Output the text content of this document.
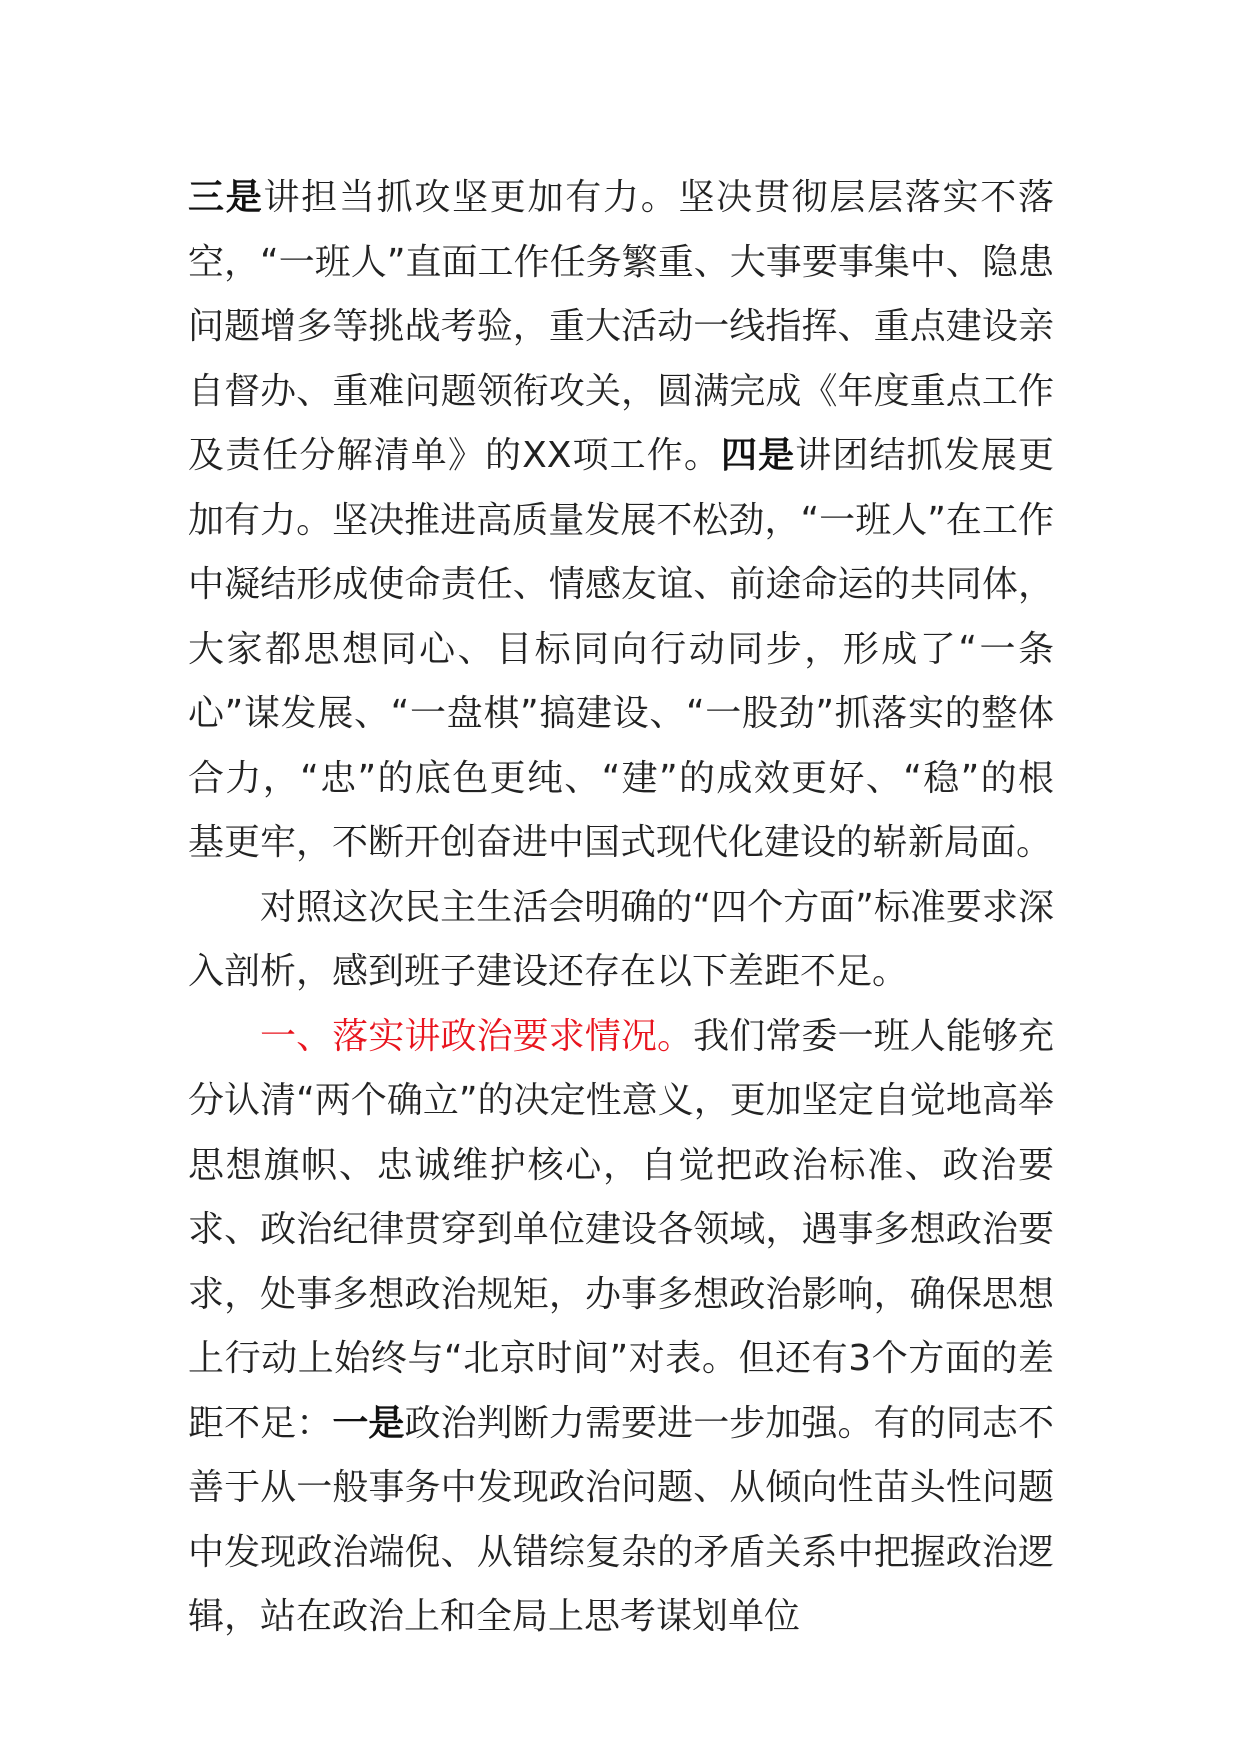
三是讲担当抓攻坚更加有力。坚决贯彻层层落实不落空，“一班人”直面工作任务繁重、大事要事集中、隐患问题增多等挑战考验，重大活动一线指挥、重点建设亲自督办、重难问题领衔攻关，圆满完成《年度重点工作及责任分解清单》的XX项工作。四是讲团结抓发展更加有力。坚决推进高质量发展不松劲，“一班人”在工作中凝结形成使命责任、情感友谊、前途命运的共同体，大家都思想同心、目标同向行动同步，形成了“一条心”谋发展、“一盘棋”搞建设、“一股劲”抓落实的整体合力，“忠”的底色更纯、“建”的成效更好、“稳”的根基更牢，不断开创奋进中国式现代化建设的崭新局面。

对照这次民主生活会明确的“四个方面”标准要求深入剖析，感到班子建设还存在以下差距不足。

一、落实讲政治要求情况。我们常委一班人能够充分认清“两个确立”的决定性意义，更加坚定自觉地高举思想旗帜、忠诚维护核心，自觉把政治标准、政治要求、政治纪律贯穿到单位建设各领域，遇事多想政治要求，处事多想政治规矩，办事多想政治影响，确保思想上行动上始终与“北京时间”对表。但还有3个方面的差距不足：一是政治判断力需要进一步加强。有的同志不善于从一般事务中发现政治问题、从倾向性苗头性问题中发现政治端倪、从错综复杂的矛盾关系中把握政治逻辑，站在政治上和全局上思考谋划单位
